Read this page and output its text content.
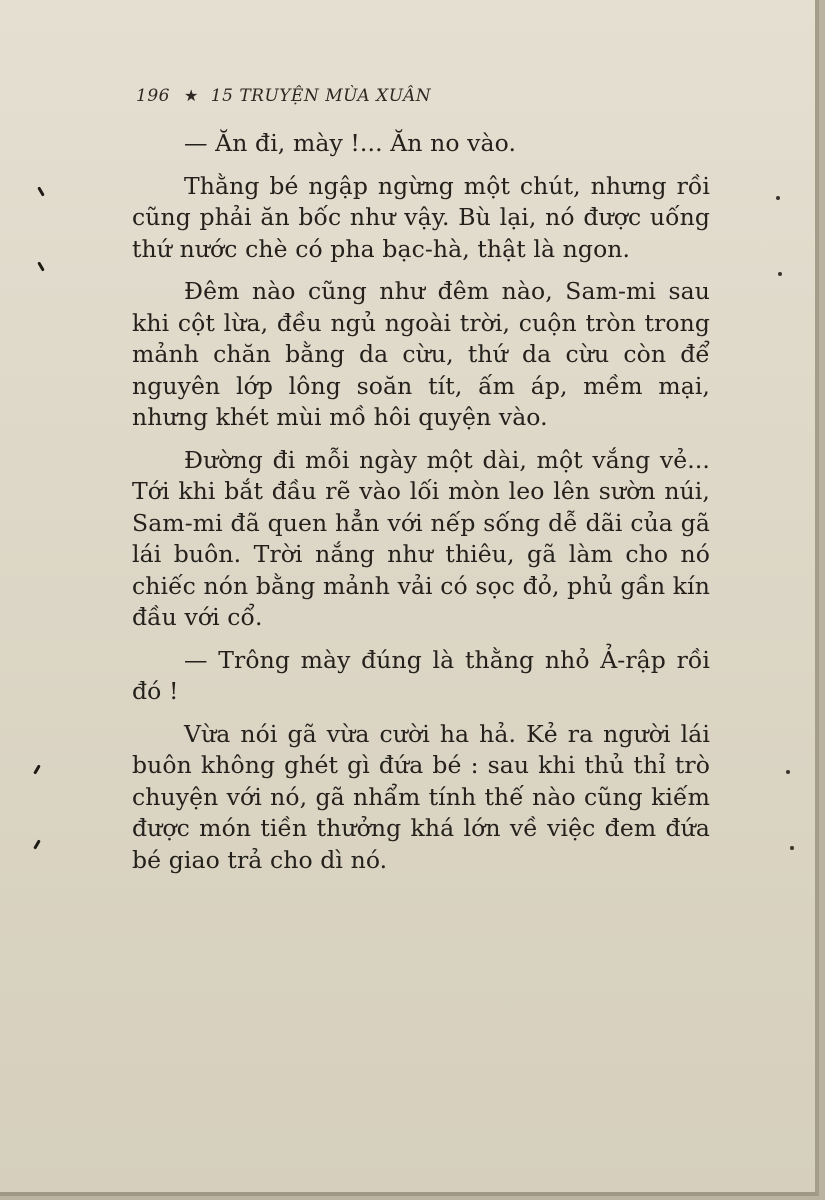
196 ★ 15 TRUYỆN MÙA XUÂN

— Ăn đi, mày !... Ăn no vào.

Thằng bé ngập ngừng một chút, nhưng rồi cũng phải ăn bốc như vậy. Bù lại, nó được uống thứ nước chè có pha bạc-hà, thật là ngon.

Đêm nào cũng như đêm nào, Sam-mi sau khi cột lừa, đều ngủ ngoài trời, cuộn tròn trong mảnh chăn bằng da cừu, thứ da cừu còn để nguyên lớp lông soăn tít, ấm áp, mềm mại, nhưng khét mùi mồ hôi quyện vào.

Đường đi mỗi ngày một dài, một vắng vẻ... Tới khi bắt đầu rẽ vào lối mòn leo lên sườn núi, Sam-mi đã quen hẳn với nếp sống dễ dãi của gã lái buôn. Trời nắng như thiêu, gã làm cho nó chiếc nón bằng mảnh vải có sọc đỏ, phủ gần kín đầu với cổ.

— Trông mày đúng là thằng nhỏ Ả-rập rồi đó !

Vừa nói gã vừa cười ha hả. Kẻ ra người lái buôn không ghét gì đứa bé : sau khi thủ thỉ trò chuyện với nó, gã nhẩm tính thế nào cũng kiếm được món tiền thưởng khá lớn về việc đem đứa bé giao trả cho dì nó.
